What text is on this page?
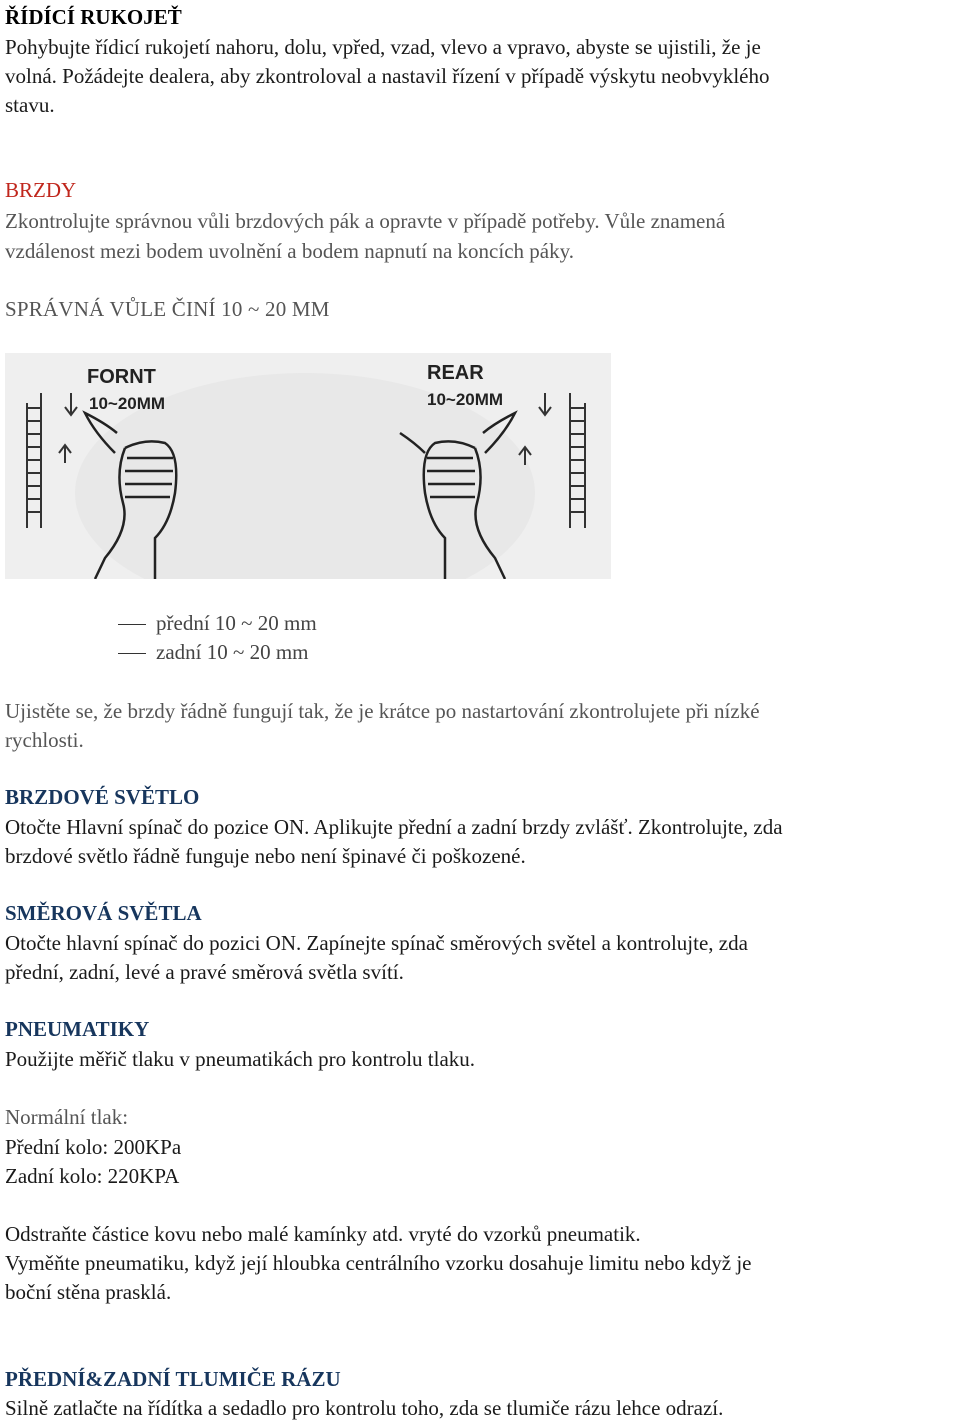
ŘÍDÍCÍ RUKOJEŤ
Pohybujte řídicí rukojetí nahoru, dolu, vpřed, vzad, vlevo a vpravo, abyste se ujistili, že je
volná. Požádejte dealera, aby zkontroloval a nastavil řízení v případě výskytu neobvyklého
stavu.
BRZDY
Zkontrolujte správnou vůli brzdových pák a opravte v případě potřeby. Vůle znamená
vzdálenost mezi bodem uvolnění a bodem napnutí na koncích páky.
SPRÁVNÁ VŮLE ČINÍ 10 ~ 20 MM
FORNT
10~20MM
REAR
10~20MM
přední 10 ~ 20 mm
zadní 10 ~ 20 mm
Ujistěte se, že brzdy řádně fungují tak, že je krátce po nastartování zkontrolujete při nízké
rychlosti.
BRZDOVÉ SVĚTLO
Otočte Hlavní spínač do pozice ON. Aplikujte přední a zadní brzdy zvlášť. Zkontrolujte, zda
brzdové světlo řádně funguje nebo není špinavé či poškozené.
SMĚROVÁ SVĚTLA
Otočte hlavní spínač do pozici ON. Zapínejte spínač směrových světel a kontrolujte, zda
přední, zadní, levé a pravé směrová světla svítí.
PNEUMATIKY
Použijte měřič tlaku v pneumatikách pro kontrolu tlaku.
Normální tlak:
Přední kolo: 200KPa
Zadní kolo: 220KPA
Odstraňte částice kovu nebo malé kamínky atd. vryté do vzorků pneumatik.
Vyměňte pneumatiku, když její hloubka centrálního vzorku dosahuje limitu nebo když je
boční stěna prasklá.
PŘEDNÍ&ZADNÍ TLUMIČE RÁZU
Silně zatlačte na řídítka a sedadlo pro kontrolu toho, zda se tlumiče rázu lehce odrazí.
